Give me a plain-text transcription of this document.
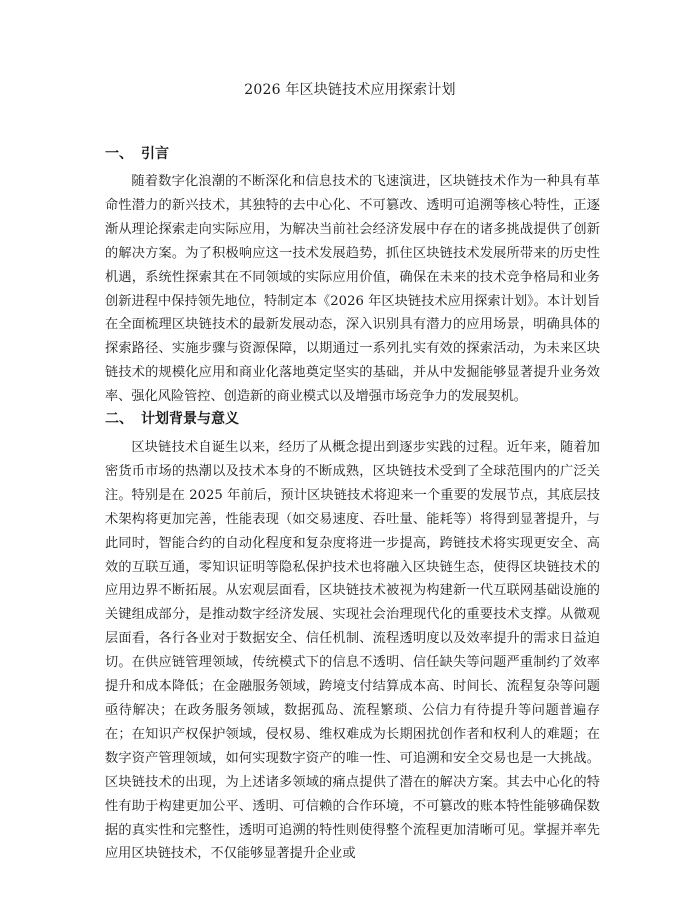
2026 年区块链技术应用探索计划
一、 引言

随着数字化浪潮的不断深化和信息技术的飞速演进，区块链技术作为一种具有革命性潜力的新兴技术，其独特的去中心化、不可篡改、透明可追溯等核心特性，正逐渐从理论探索走向实际应用，为解决当前社会经济发展中存在的诸多挑战提供了创新的解决方案。为了积极响应这一技术发展趋势，抓住区块链技术发展所带来的历史性机遇，系统性探索其在不同领域的实际应用价值，确保在未来的技术竞争格局和业务创新进程中保持领先地位，特制定本《2026 年区块链技术应用探索计划》。本计划旨在全面梳理区块链技术的最新发展动态，深入识别具有潜力的应用场景，明确具体的探索路径、实施步骤与资源保障，以期通过一系列扎实有效的探索活动，为未来区块链技术的规模化应用和商业化落地奠定坚实的基础，并从中发掘能够显著提升业务效率、强化风险管控、创造新的商业模式以及增强市场竞争力的发展契机。

二、 计划背景与意义

区块链技术自诞生以来，经历了从概念提出到逐步实践的过程。近年来，随着加密货币市场的热潮以及技术本身的不断成熟，区块链技术受到了全球范围内的广泛关注。特别是在 2025 年前后，预计区块链技术将迎来一个重要的发展节点，其底层技术架构将更加完善，性能表现（如交易速度、吞吐量、能耗等）将得到显著提升，与此同时，智能合约的自动化程度和复杂度将进一步提高，跨链技术将实现更安全、高效的互联互通，零知识证明等隐私保护技术也将融入区块链生态，使得区块链技术的应用边界不断拓展。从宏观层面看，区块链技术被视为构建新一代互联网基础设施的关键组成部分，是推动数字经济发展、实现社会治理现代化的重要技术支撑。从微观层面看，各行各业对于数据安全、信任机制、流程透明度以及效率提升的需求日益迫切。在供应链管理领域，传统模式下的信息不透明、信任缺失等问题严重制约了效率提升和成本降低；在金融服务领域，跨境支付结算成本高、时间长、流程复杂等问题亟待解决；在政务服务领域，数据孤岛、流程繁琐、公信力有待提升等问题普遍存在；在知识产权保护领域，侵权易、维权难成为长期困扰创作者和权利人的难题；在数字资产管理领域，如何实现数字资产的唯一性、可追溯和安全交易也是一大挑战。区块链技术的出现，为上述诸多领域的痛点提供了潜在的解决方案。其去中心化的特性有助于构建更加公平、透明、可信赖的合作环境，不可篡改的账本特性能够确保数据的真实性和完整性，透明可追溯的特性则使得整个流程更加清晰可见。掌握并率先应用区块链技术，不仅能够显著提升企业或
